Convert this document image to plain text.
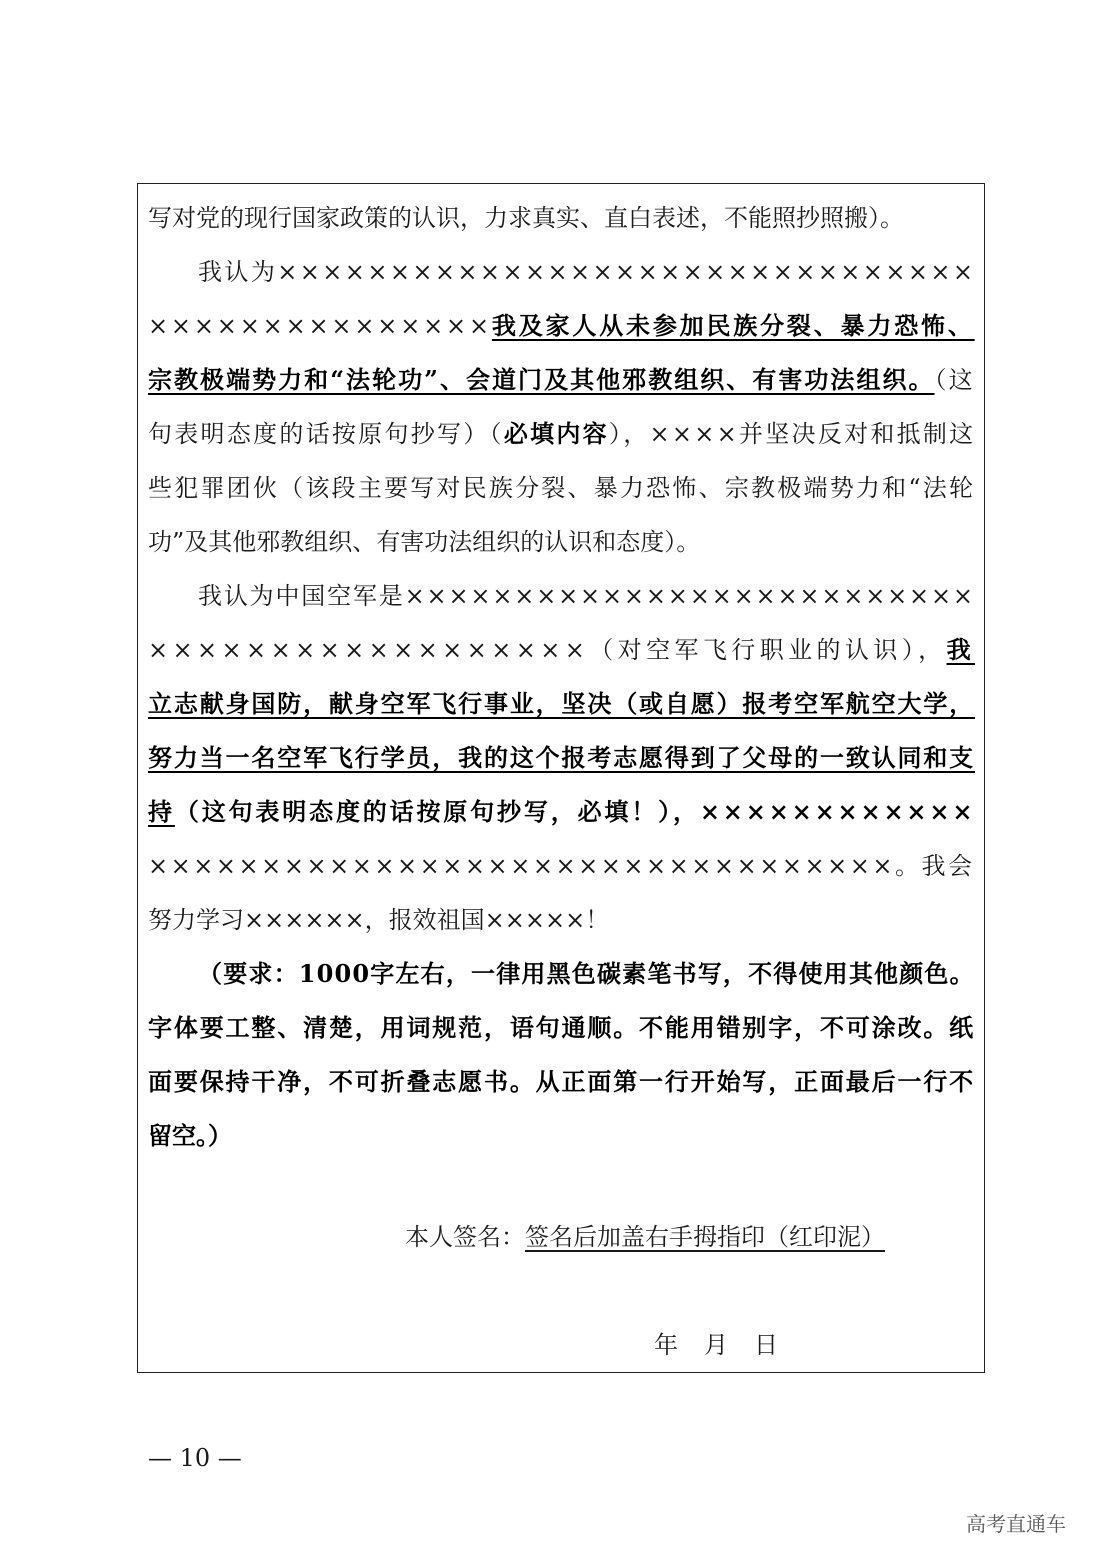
写对党的现行国家政策的认识，力求真实、直白表述，不能照抄照搬）。
我认为×××××××××××××××××××××××××××××××
×××××××××××××××我及家人从未参加民族分裂、暴力恐怖、
宗教极端势力和“法轮功”、会道门及其他邪教组织、有害功法组织。（这
句表明态度的话按原句抄写）（必填内容），××××并坚决反对和抵制这
些犯罪团伙（该段主要写对民族分裂、暴力恐怖、宗教极端势力和“法轮
功”及其他邪教组织、有害功法组织的认识和态度）。
我认为中国空军是××××××××××××××××××××××××××
××××××××××××××××××（对空军飞行职业的认识），我
立志献身国防，献身空军飞行事业，坚决（或自愿）报考空军航空大学，
努力当一名空军飞行学员，我的这个报考志愿得到了父母的一致认同和支
持（这句表明态度的话按原句抄写，必填！），××××××××××××
×××××××××××××××××××××××××××××××××。我会
努力学习××××××，报效祖国×××××！
（要求：1000字左右，一律用黑色碳素笔书写，不得使用其他颜色。
字体要工整、清楚，用词规范，语句通顺。不能用错别字，不可涂改。纸
面要保持干净，不可折叠志愿书。从正面第一行开始写，正面最后一行不
留空。）
本人签名：签名后加盖右手拇指印（红印泥）
年 月 日
— 10 —
高考直通车
